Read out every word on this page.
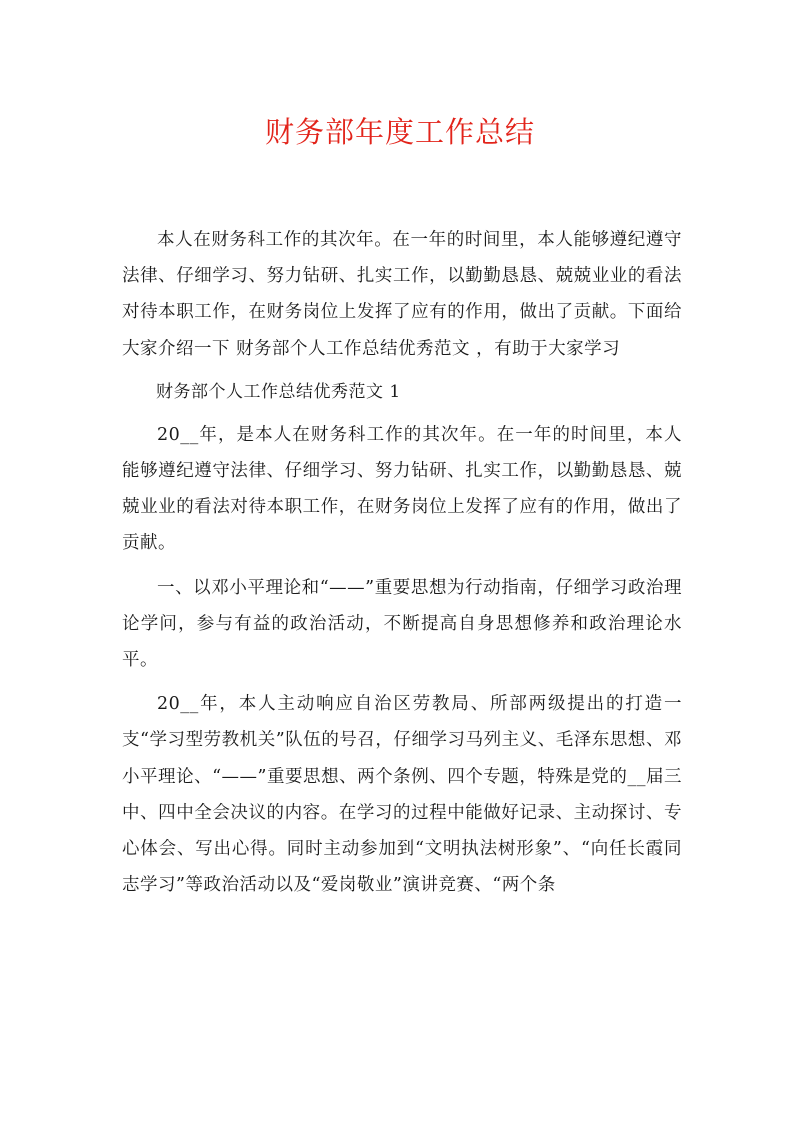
财务部年度工作总结

本人在财务科工作的其次年。在一年的时间里，本人能够遵纪遵守法律、仔细学习、努力钻研、扎实工作，以勤勤恳恳、兢兢业业的看法对待本职工作，在财务岗位上发挥了应有的作用，做出了贡献。下面给大家介绍一下 财务部个人工作总结优秀范文 ，有助于大家学习

财务部个人工作总结优秀范文 1

20__年，是本人在财务科工作的其次年。在一年的时间里，本人能够遵纪遵守法律、仔细学习、努力钻研、扎实工作，以勤勤恳恳、兢兢业业的看法对待本职工作，在财务岗位上发挥了应有的作用，做出了贡献。

一、以邓小平理论和“——”重要思想为行动指南，仔细学习政治理论学问，参与有益的政治活动，不断提高自身思想修养和政治理论水平。

20__年，本人主动响应自治区劳教局、所部两级提出的打造一支“学习型劳教机关”队伍的号召，仔细学习马列主义、毛泽东思想、邓小平理论、“——”重要思想、两个条例、四个专题，特殊是党的__届三中、四中全会决议的内容。在学习的过程中能做好记录、主动探讨、专心体会、写出心得。同时主动参加到“文明执法树形象”、“向任长霞同志学习”等政治活动以及“爱岗敬业”演讲竞赛、“两个条
